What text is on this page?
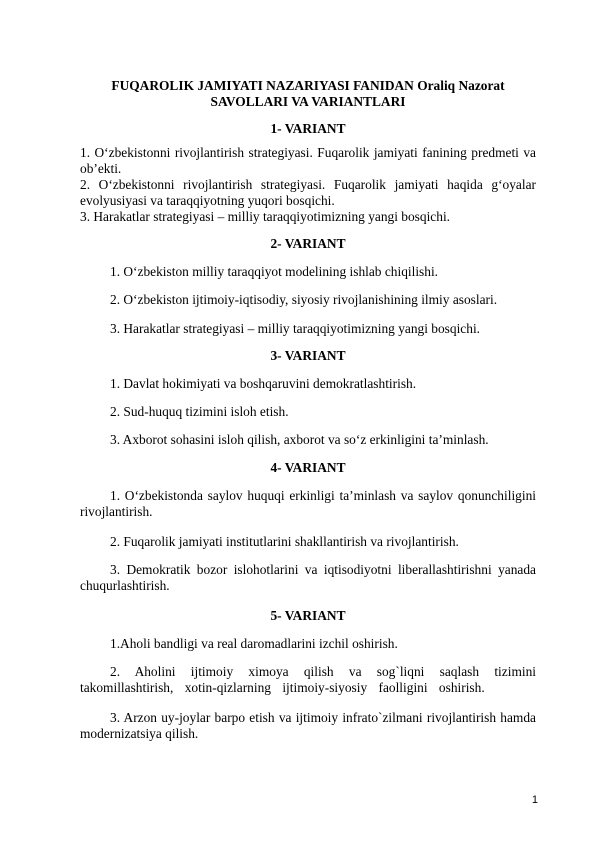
FUQAROLIK JAMIYATI NAZARIYASI FANIDAN Oraliq Nazorat
SAVOLLARI VA VARIANTLARI
1- VARIANT
1. O‘zbekistonni rivojlantirish strategiyasi. Fuqarolik jamiyati fanining predmeti va ob’ekti.
2. O‘zbekistonni rivojlantirish strategiyasi. Fuqarolik jamiyati haqida g‘oyalar evolyusiyasi va taraqqiyotning yuqori bosqichi.
3. Harakatlar strategiyasi – milliy taraqqiyotimizning yangi bosqichi.
2- VARIANT
1. O‘zbekiston milliy taraqqiyot modelining ishlab chiqilishi.
2. O‘zbekiston ijtimoiy-iqtisodiy, siyosiy rivojlanishining ilmiy asoslari.
3. Harakatlar strategiyasi – milliy taraqqiyotimizning yangi bosqichi.
3- VARIANT
1. Davlat hokimiyati va boshqaruvini demokratlashtirish.
2. Sud-huquq tizimini isloh etish.
3. Axborot sohasini isloh qilish, axborot va so‘z erkinligini ta’minlash.
4- VARIANT
1. O‘zbekistonda saylov huquqi erkinligi ta’minlash va saylov qonunchiligini rivojlantirish.
2. Fuqarolik jamiyati institutlarini shakllantirish va rivojlantirish.
3. Demokratik bozor islohotlarini va iqtisodiyotni liberallashtirishni yanada chuqurlashtirish.
5- VARIANT
1.Aholi bandligi va real daromadlarini izchil oshirish.
2. Aholini ijtimoiy ximoya qilish va sog`liqni saqlash tizimini takomillashtirish, xotin-qizlarning ijtimoiy-siyosiy faolligini oshirish.
3. Arzon uy-joylar barpo etish va ijtimoiy infrato`zilmani rivojlantirish hamda modernizatsiya qilish.
1
